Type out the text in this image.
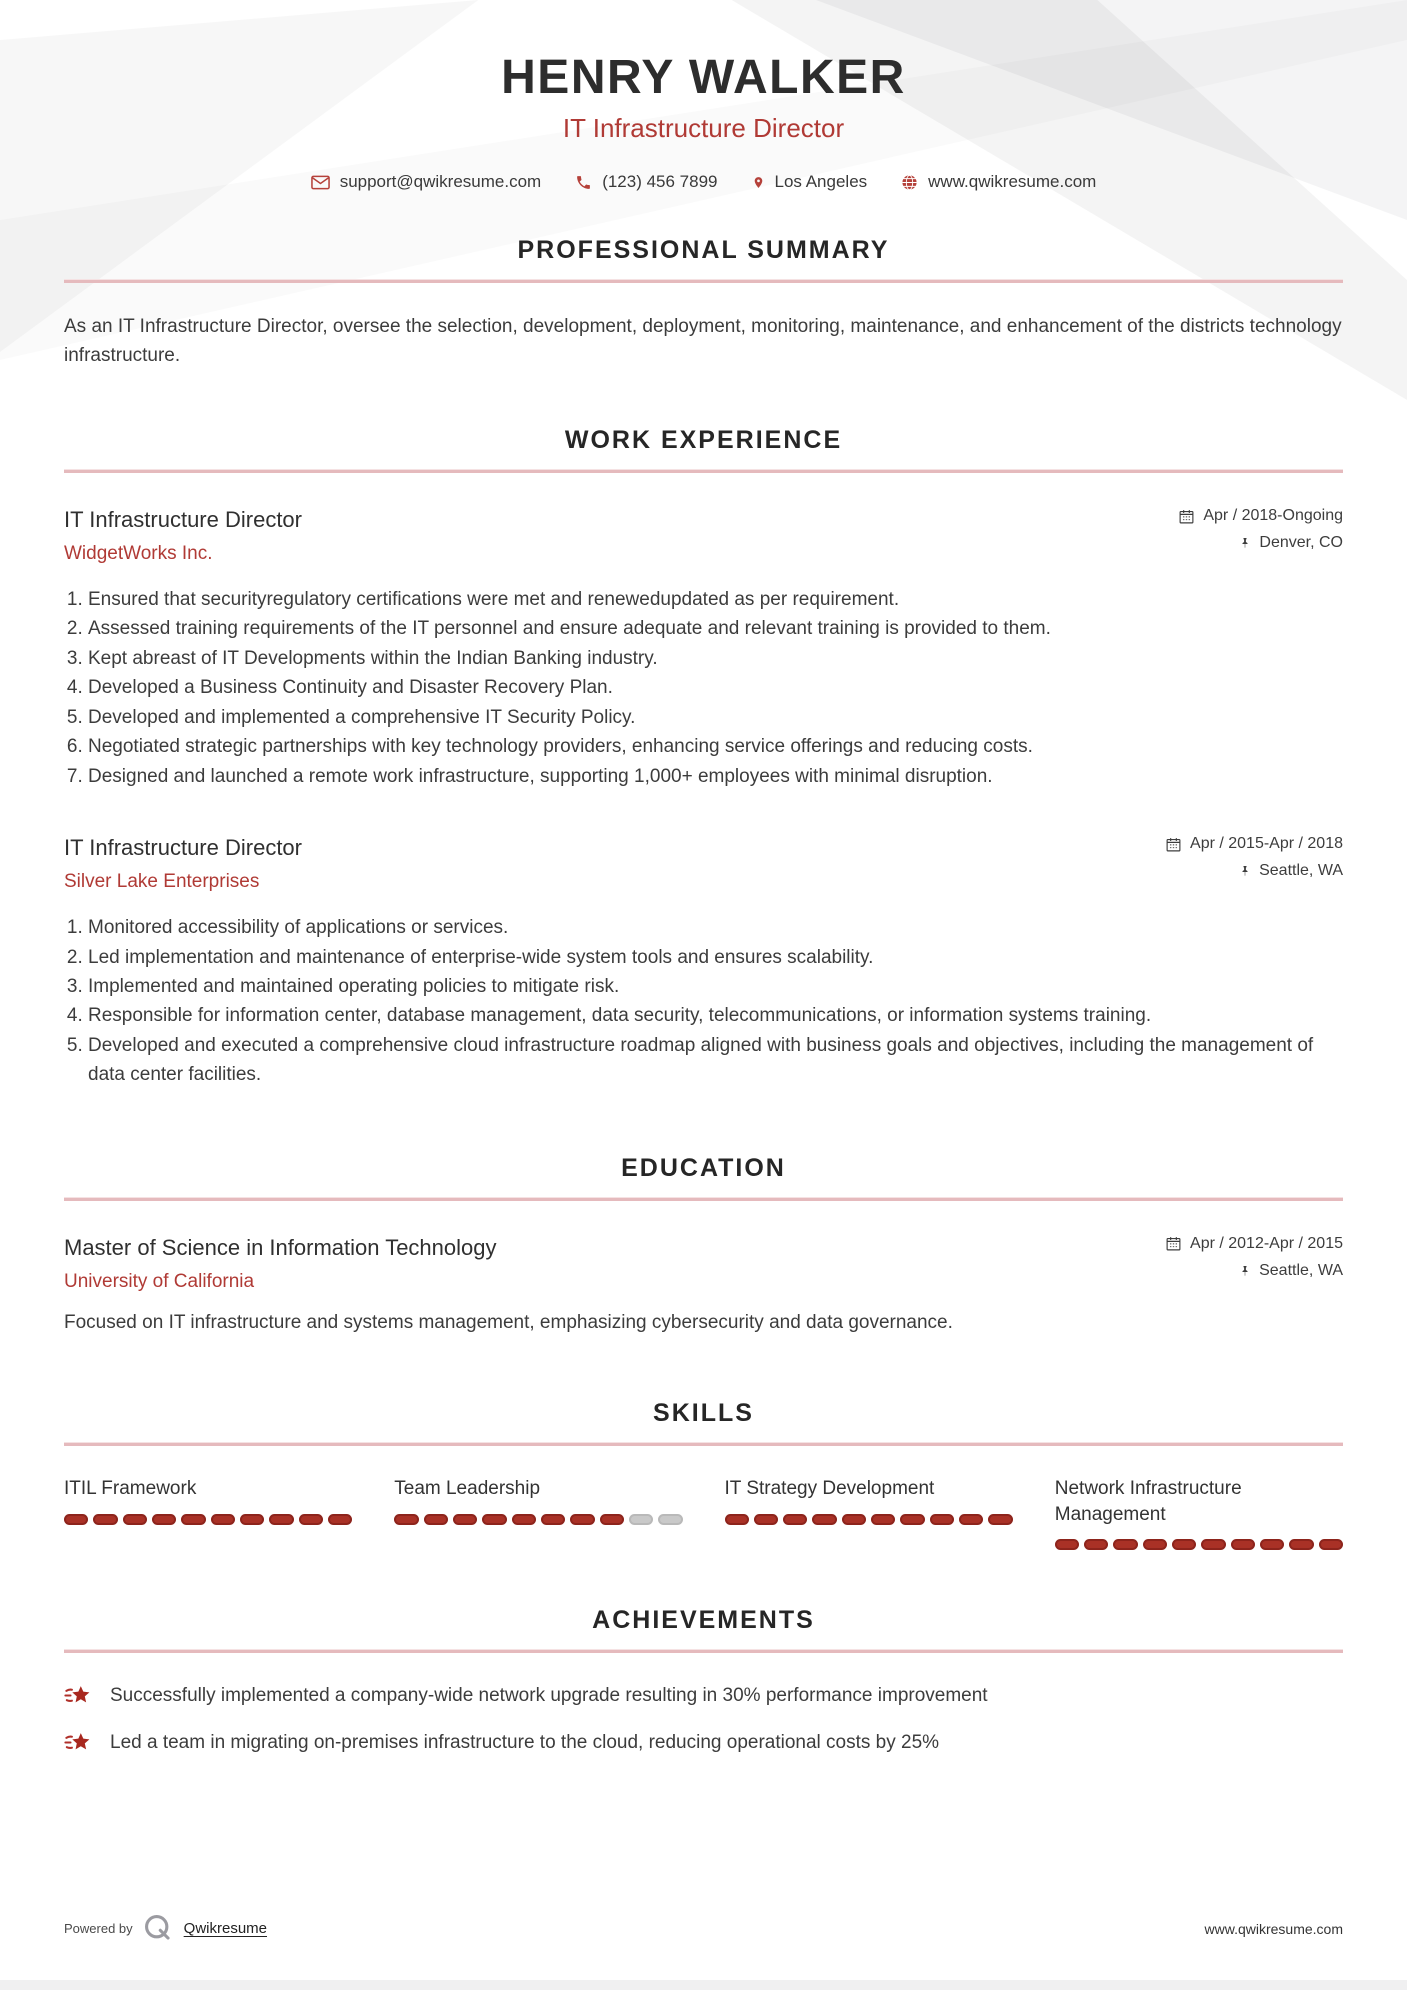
HENRY WALKER
IT Infrastructure Director
support@qwikresume.com	(123) 456 7899	Los Angeles	www.qwikresume.com
PROFESSIONAL SUMMARY

As an IT Infrastructure Director, oversee the selection, development, deployment, monitoring, maintenance, and enhancement of the districts technology infrastructure.

WORK EXPERIENCE
IT Infrastructure Director
WidgetWorks Inc.
Apr / 2018-Ongoing
Denver, CO
1. Ensured that securityregulatory certifications were met and renewedupdated as per requirement.
2. Assessed training requirements of the IT personnel and ensure adequate and relevant training is provided to them.
3. Kept abreast of IT Developments within the Indian Banking industry.
4. Developed a Business Continuity and Disaster Recovery Plan.
5. Developed and implemented a comprehensive IT Security Policy.
6. Negotiated strategic partnerships with key technology providers, enhancing service offerings and reducing costs.
7. Designed and launched a remote work infrastructure, supporting 1,000+ employees with minimal disruption.
IT Infrastructure Director
Silver Lake Enterprises
Apr / 2015-Apr / 2018
Seattle, WA
1. Monitored accessibility of applications or services.
2. Led implementation and maintenance of enterprise-wide system tools and ensures scalability.
3. Implemented and maintained operating policies to mitigate risk.
4. Responsible for information center, database management, data security, telecommunications, or information systems training.
5. Developed and executed a comprehensive cloud infrastructure roadmap aligned with business goals and objectives, including the management of data center facilities.
EDUCATION
Master of Science in Information Technology
University of California
Apr / 2012-Apr / 2015
Seattle, WA

Focused on IT infrastructure and systems management, emphasizing cybersecurity and data governance.

SKILLS
ITIL Framework	Team Leadership	IT Strategy Development	Network Infrastructure Management
ACHIEVEMENTS
Successfully implemented a company-wide network upgrade resulting in 30% performance improvement
Led a team in migrating on-premises infrastructure to the cloud, reducing operational costs by 25%
Powered by	Qwikresume	www.qwikresume.com
